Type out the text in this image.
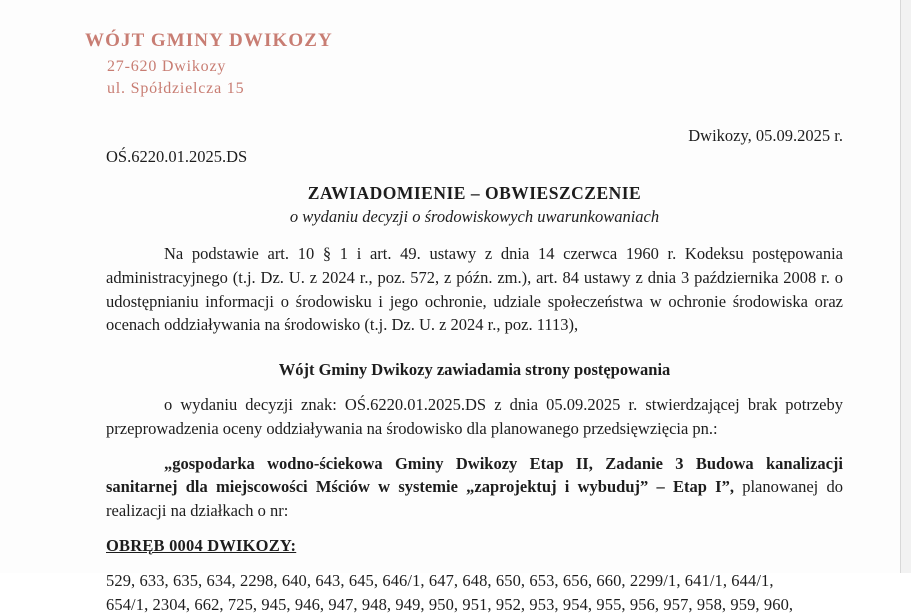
WÓJT GMINY DWIKOZY
27-620 Dwikozy
ul. Spółdzielcza 15
Dwikozy, 05.09.2025 r.
OŚ.6220.01.2025.DS
ZAWIADOMIENIE – OBWIESZCZENIE
o wydaniu decyzji o środowiskowych uwarunkowaniach

Na podstawie art. 10 § 1 i art. 49. ustawy z dnia 14 czerwca 1960 r. Kodeksu postępowania administracyjnego (t.j. Dz. U. z 2024 r., poz. 572, z późn. zm.), art. 84 ustawy z dnia 3 października 2008 r. o udostępnianiu informacji o środowisku i jego ochronie, udziale społeczeństwa w ochronie środowiska oraz ocenach oddziaływania na środowisko (t.j. Dz. U. z 2024 r., poz. 1113),

Wójt Gminy Dwikozy zawiadamia strony postępowania

o wydaniu decyzji znak: OŚ.6220.01.2025.DS z dnia 05.09.2025 r. stwierdzającej brak potrzeby przeprowadzenia oceny oddziaływania na środowisko dla planowanego przedsięwzięcia pn.:

„gospodarka wodno-ściekowa Gminy Dwikozy Etap II, Zadanie 3 Budowa kanalizacji sanitarnej dla miejscowości Mściów w systemie „zaprojektuj i wybuduj” – Etap I”, planowanej do realizacji na działkach o nr:

OBRĘB 0004 DWIKOZY:

529, 633, 635, 634, 2298, 640, 643, 645, 646/1, 647, 648, 650, 653, 656, 660, 2299/1, 641/1, 644/1,

654/1, 2304, 662, 725, 945, 946, 947, 948, 949, 950, 951, 952, 953, 954, 955, 956, 957, 958, 959, 960,
